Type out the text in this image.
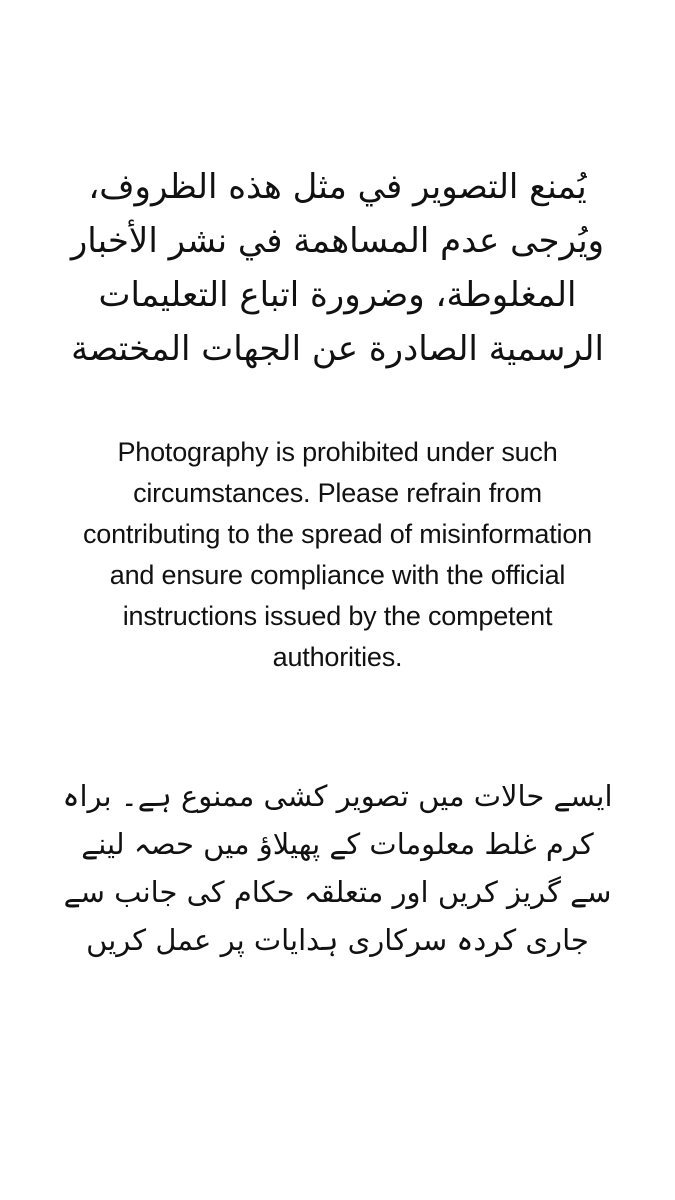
يُمنع التصوير في مثل هذه الظروف،
ويُرجى عدم المساهمة في نشر الأخبار
المغلوطة، وضرورة اتباع التعليمات
الرسمية الصادرة عن الجهات المختصة
Photography is prohibited under such
circumstances. Please refrain from
contributing to the spread of misinformation
and ensure compliance with the official
instructions issued by the competent
authorities.
ایسے حالات میں تصویر کشی ممنوع ہے۔ براہ
کرم غلط معلومات کے پھیلاؤ میں حصہ لینے
سے گریز کریں اور متعلقہ حکام کی جانب سے
جاری کردہ سرکاری ہدایات پر عمل کریں
